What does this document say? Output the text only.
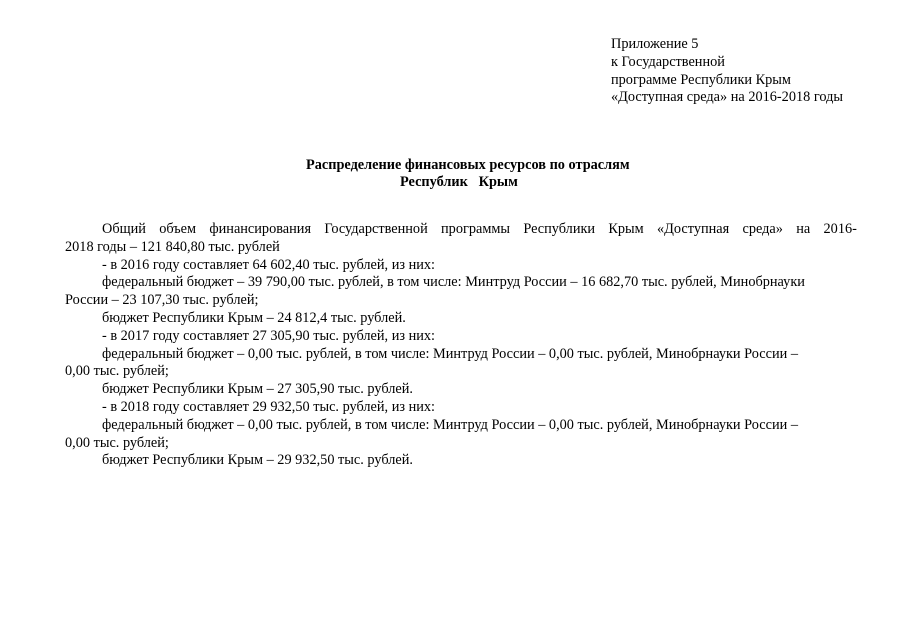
Приложение 5
к Государственной
программе Республики Крым
«Доступная среда» на 2016-2018 годы
Распределение финансовых ресурсов по отраслям
Республик   Крым
Общий объем финансирования Государственной программы Республики Крым «Доступная среда» на 2016-
2018 годы – 121 840,80 тыс. рублей
- в 2016 году составляет 64 602,40 тыс. рублей, из них:
федеральный бюджет – 39 790,00 тыс. рублей, в том числе: Минтруд России – 16 682,70 тыс. рублей, Минобрнауки
России – 23 107,30 тыс. рублей;
бюджет Республики Крым – 24 812,4 тыс. рублей.
- в 2017 году составляет 27 305,90 тыс. рублей, из них:
федеральный бюджет – 0,00 тыс. рублей, в том числе: Минтруд России – 0,00 тыс. рублей, Минобрнауки России –
0,00 тыс. рублей;
бюджет Республики Крым – 27 305,90 тыс. рублей.
- в 2018 году составляет 29 932,50 тыс. рублей, из них:
федеральный бюджет – 0,00 тыс. рублей, в том числе: Минтруд России – 0,00 тыс. рублей, Минобрнауки России –
0,00 тыс. рублей;
бюджет Республики Крым – 29 932,50 тыс. рублей.
